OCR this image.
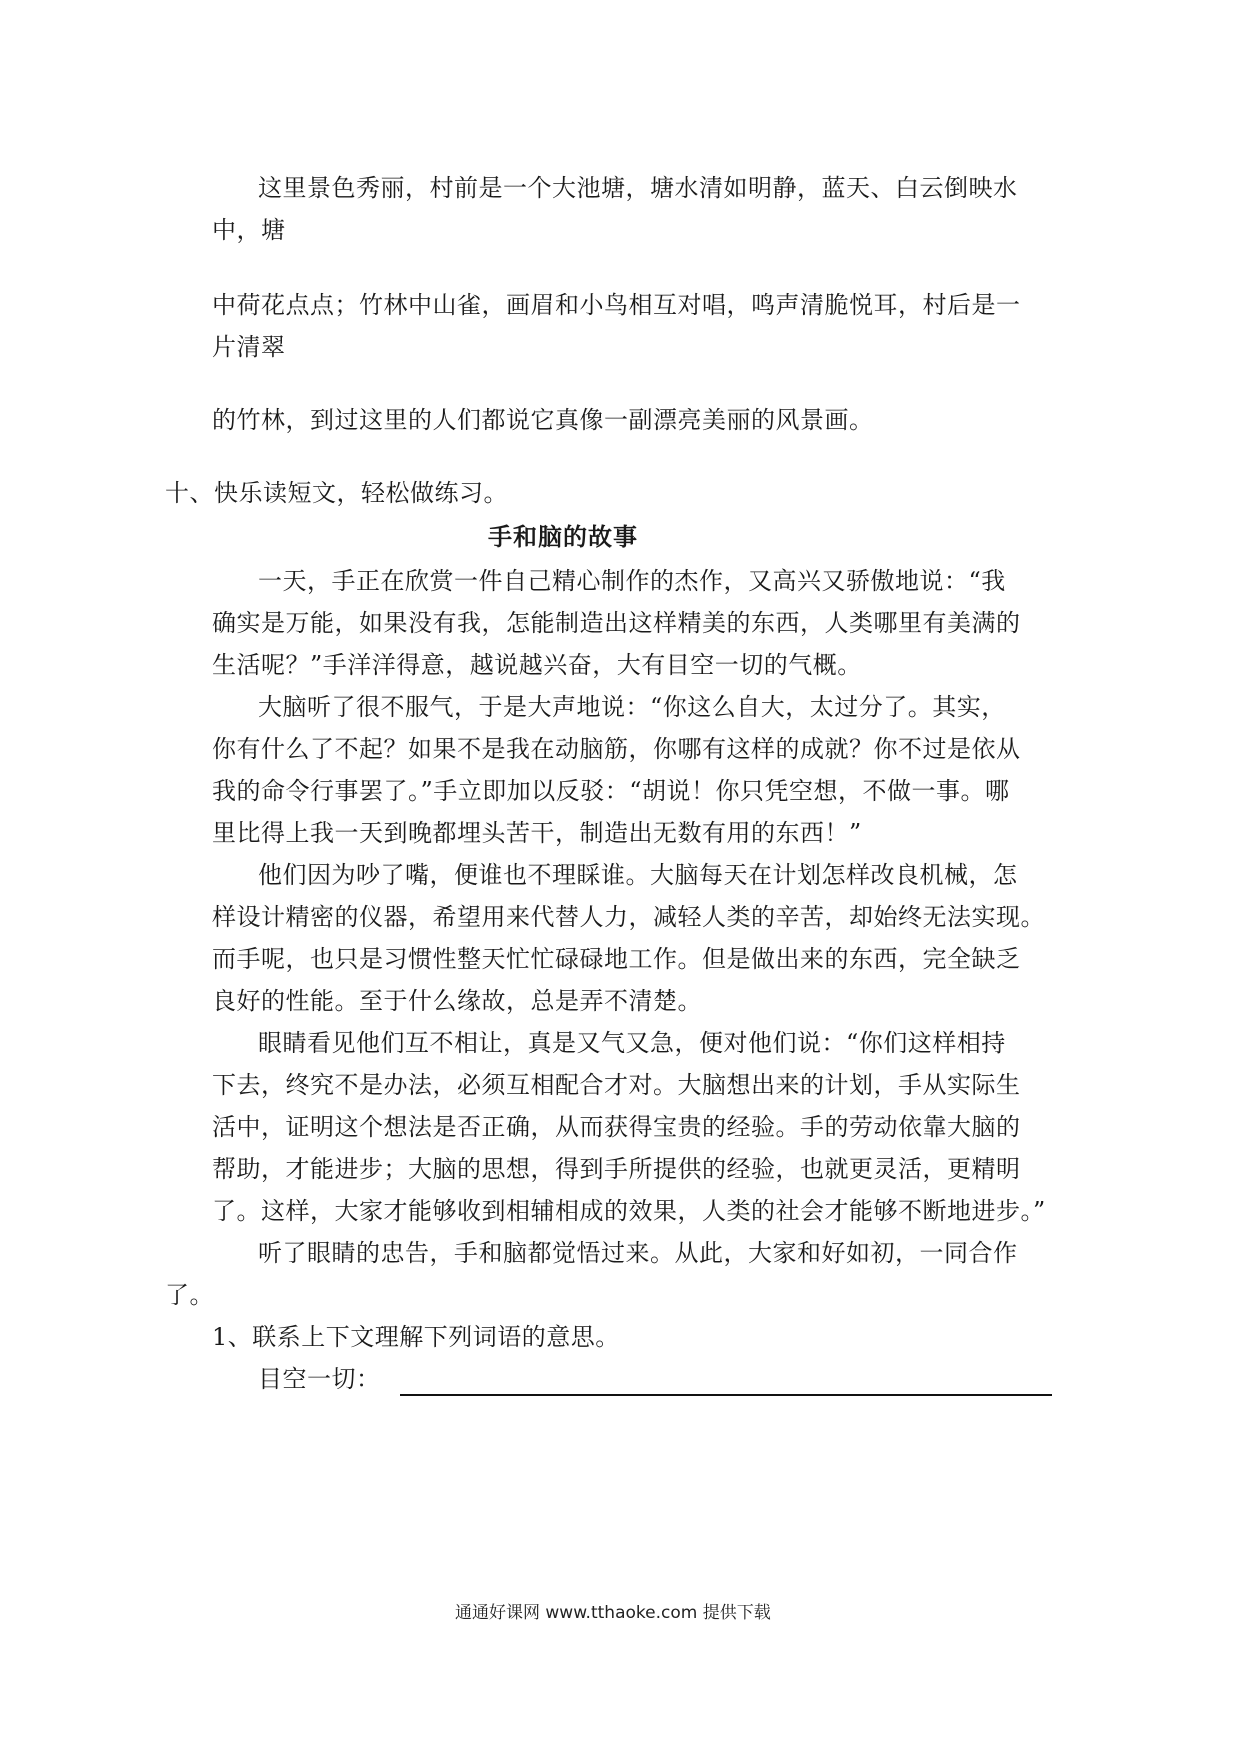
这里景色秀丽，村前是一个大池塘，塘水清如明静，蓝天、白云倒映水
中，塘
中荷花点点；竹林中山雀，画眉和小鸟相互对唱，鸣声清脆悦耳，村后是一
片清翠
的竹林，到过这里的人们都说它真像一副漂亮美丽的风景画。
十、快乐读短文，轻松做练习。
手和脑的故事
一天，手正在欣赏一件自己精心制作的杰作，又高兴又骄傲地说：“我
确实是万能，如果没有我，怎能制造出这样精美的东西，人类哪里有美满的
生活呢？”手洋洋得意，越说越兴奋，大有目空一切的气概。
大脑听了很不服气，于是大声地说：“你这么自大，太过分了。其实，
你有什么了不起？如果不是我在动脑筋，你哪有这样的成就？你不过是依从
我的命令行事罢了。”手立即加以反驳：“胡说！你只凭空想，不做一事。哪
里比得上我一天到晚都埋头苦干，制造出无数有用的东西！”
他们因为吵了嘴，便谁也不理睬谁。大脑每天在计划怎样改良机械，怎
样设计精密的仪器，希望用来代替人力，减轻人类的辛苦，却始终无法实现。
而手呢，也只是习惯性整天忙忙碌碌地工作。但是做出来的东西，完全缺乏
良好的性能。至于什么缘故，总是弄不清楚。
眼睛看见他们互不相让，真是又气又急，便对他们说：“你们这样相持
下去，终究不是办法，必须互相配合才对。大脑想出来的计划，手从实际生
活中，证明这个想法是否正确，从而获得宝贵的经验。手的劳动依靠大脑的
帮助，才能进步；大脑的思想，得到手所提供的经验，也就更灵活，更精明
了。这样，大家才能够收到相辅相成的效果，人类的社会才能够不断地进步。”
听了眼睛的忠告，手和脑都觉悟过来。从此，大家和好如初，一同合作
了。
1、联系上下文理解下列词语的意思。
目空一切：
通通好课网 www.tthaoke.com 提供下载
